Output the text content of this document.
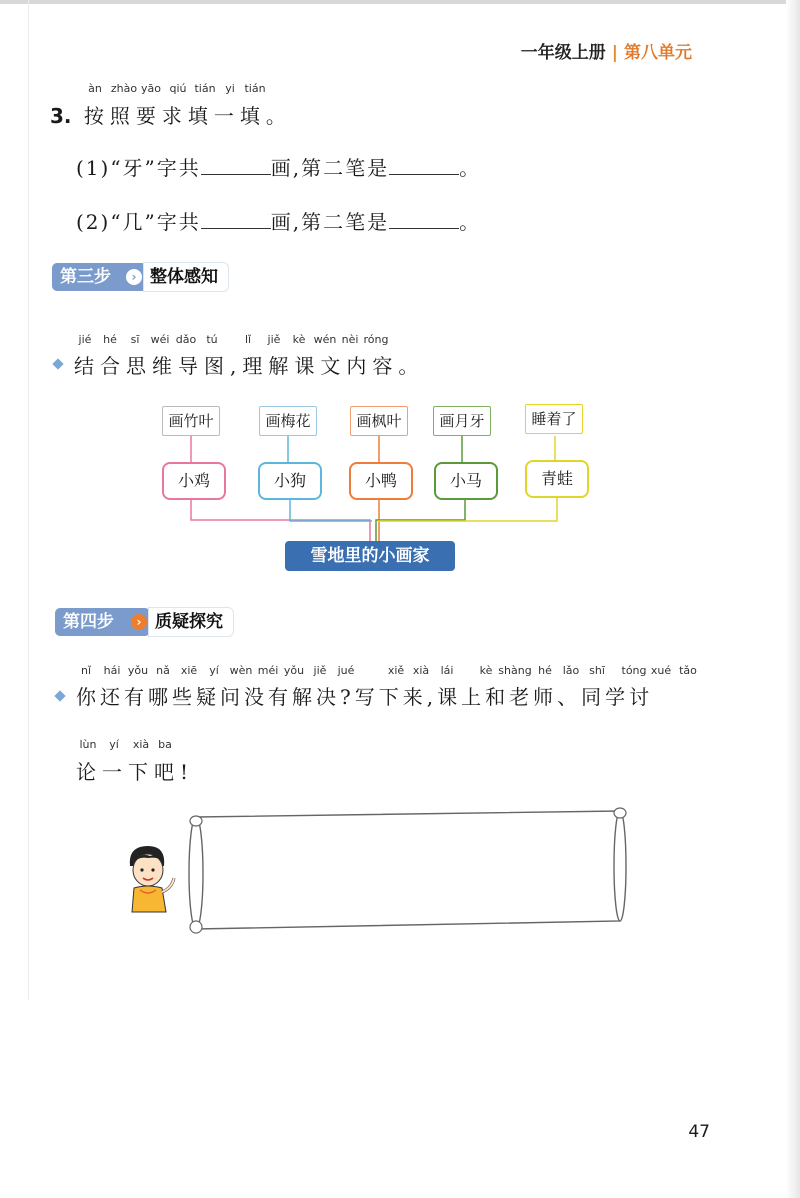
一年级上册 | 第八单元
àn zhào yāo qiú tián yi tián
3. 按照要求填一填。
(1)“牙”字共	画,第二笔是	。
(2)“几”字共	画,第二笔是	。
第三步	› 整体感知
jié hé sī wéi dǎo tú lǐ jiě kè wén nèi róng
结合思维导图,理解课文内容。
画竹叶	画梅花	画枫叶	画月牙	睡着了
小鸡	小狗	小鸭	小马	青蛙
雪地里的小画家
第四步	› 质疑探究
nǐ hái yǒu nǎ xiē yí wèn méi yǒu jiě jué	xiě xià lái kè shàng hé lǎo shī tóng xué tǎo
你还有哪些疑问没有解决?写下来,课上和老师、同学讨
lùn yí xià ba
论一下吧!
47
